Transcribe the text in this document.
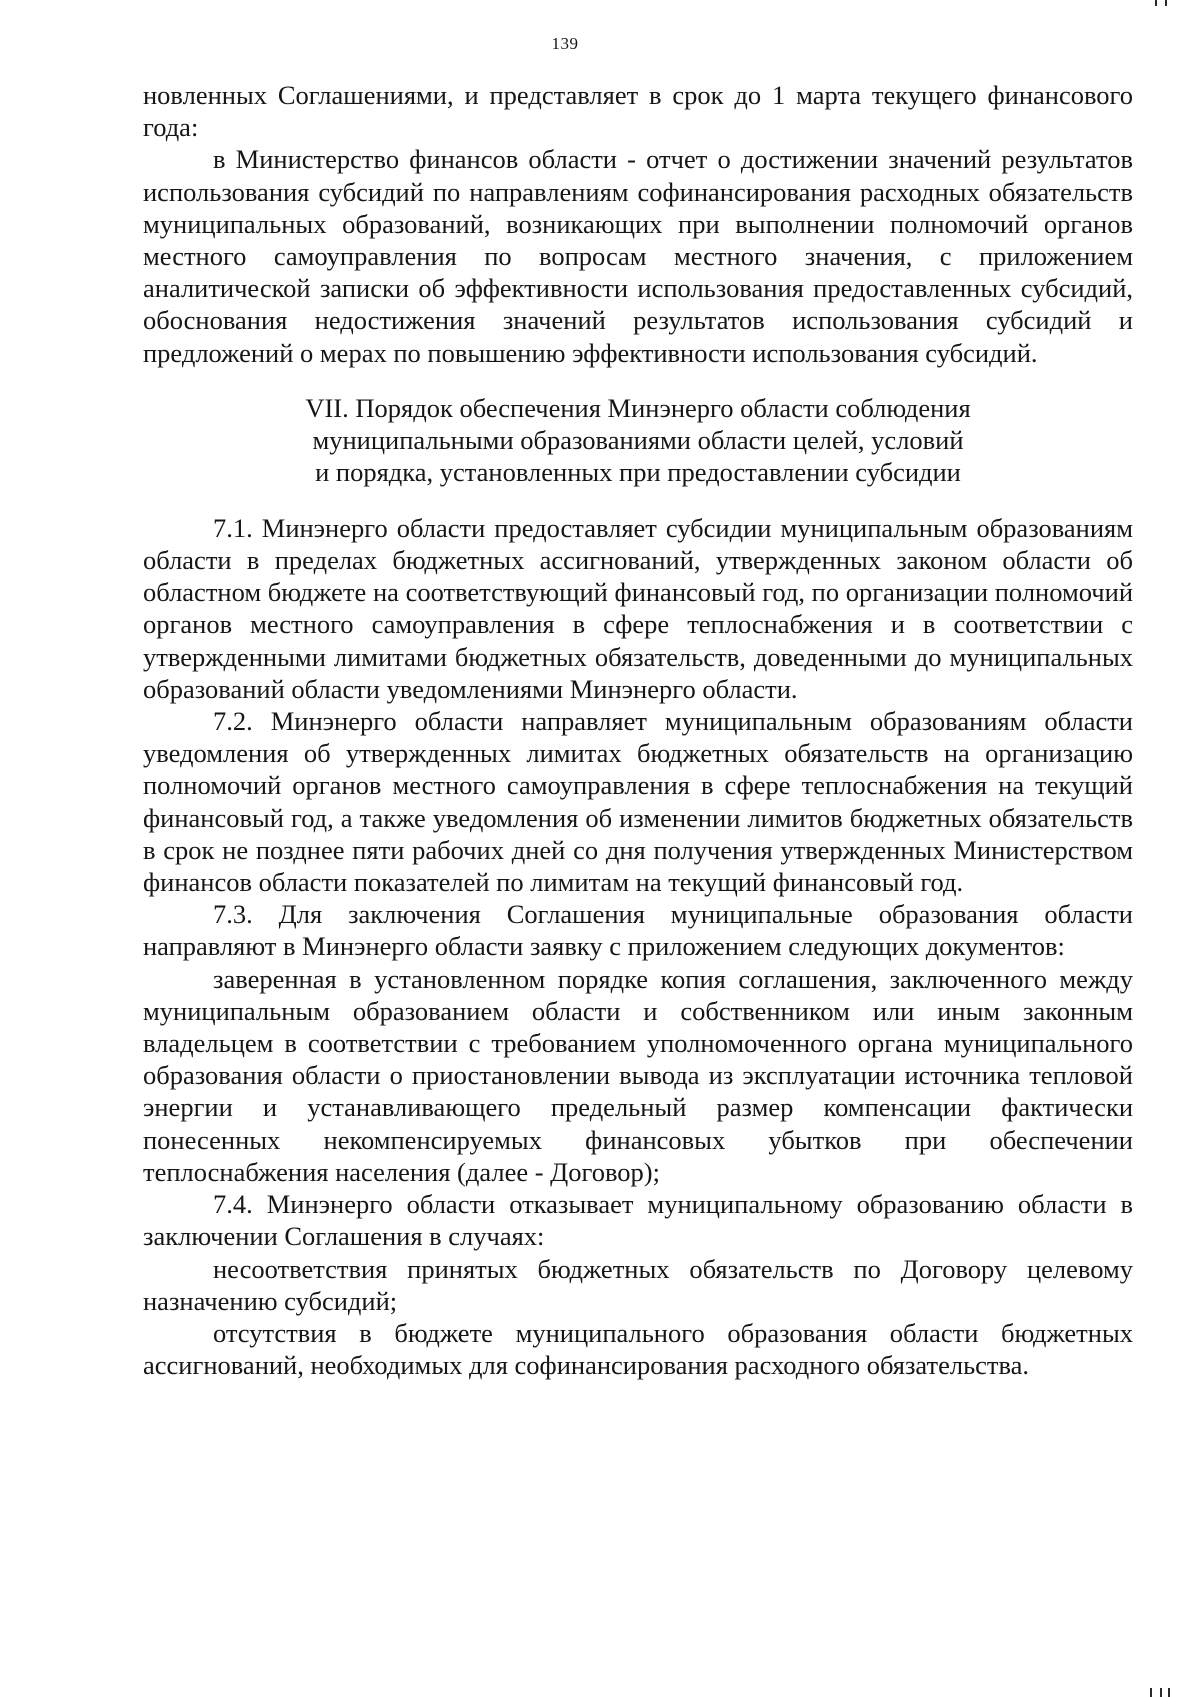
139

новленных Соглашениями, и представляет в срок до 1 марта текущего финансового года:

в Министерство финансов области - отчет о достижении значений результатов использования субсидий по направлениям софинансирования расходных обязательств муниципальных образований, возникающих при выполнении полномочий органов местного самоуправления по вопросам местного значения, с приложением аналитической записки об эффективности использования предоставленных субсидий, обоснования недостижения значений результатов использования субсидий и предложений о мерах по повышению эффективности использования субсидий.

VII. Порядок обеспечения Минэнерго области соблюдения
муниципальными образованиями области целей, условий
и порядка, установленных при предоставлении субсидии

7.1. Минэнерго области предоставляет субсидии муниципальным образованиям области в пределах бюджетных ассигнований, утвержденных законом области об областном бюджете на соответствующий финансовый год, по организации полномочий органов местного самоуправления в сфере теплоснабжения и в соответствии с утвержденными лимитами бюджетных обязательств, доведенными до муниципальных образований области уведомлениями Минэнерго области.

7.2. Минэнерго области направляет муниципальным образованиям области уведомления об утвержденных лимитах бюджетных обязательств на организацию полномочий органов местного самоуправления в сфере теплоснабжения на текущий финансовый год, а также уведомления об изменении лимитов бюджетных обязательств в срок не позднее пяти рабочих дней со дня получения утвержденных Министерством финансов области показателей по лимитам на текущий финансовый год.

7.3. Для заключения Соглашения муниципальные образования области направляют в Минэнерго области заявку с приложением следующих документов:

заверенная в установленном порядке копия соглашения, заключенного между муниципальным образованием области и собственником или иным законным владельцем в соответствии с требованием уполномоченного органа муниципального образования области о приостановлении вывода из эксплуатации источника тепловой энергии и устанавливающего предельный размер компенсации фактически понесенных некомпенсируемых финансовых убытков при обеспечении теплоснабжения населения (далее - Договор);

7.4. Минэнерго области отказывает муниципальному образованию области в заключении Соглашения в случаях:

несоответствия принятых бюджетных обязательств по Договору целевому назначению субсидий;

отсутствия в бюджете муниципального образования области бюджетных ассигнований, необходимых для софинансирования расходного обязательства.
